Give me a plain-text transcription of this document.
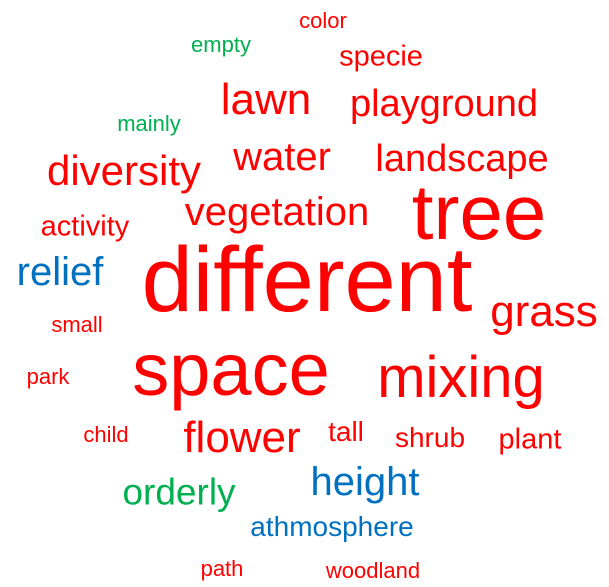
color
empty	specie
lawn playground
mainly
diversity water landscape
vegetation tree
activity
relief different grass
small
space mixing
park
child flower tall shrub plant
height
orderly
athmosphere
path	woodland
